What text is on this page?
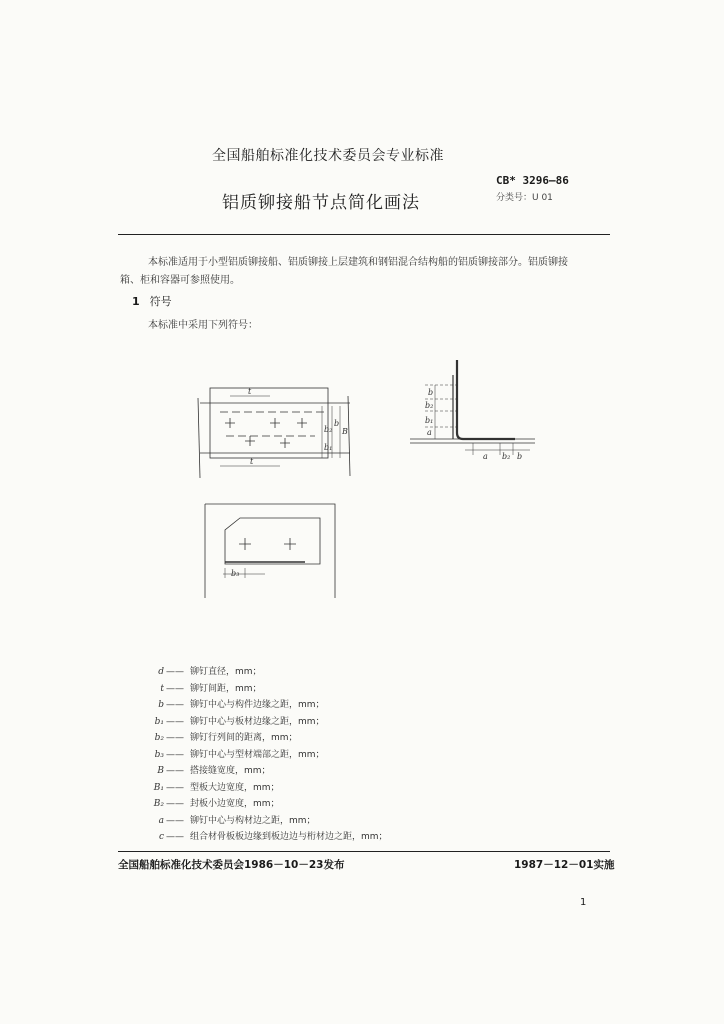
全国船舶标准化技术委员会专业标准
CB* 3296—86
分类号：U 01
铝质铆接船节点简化画法
本标准适用于小型铝质铆接船、铝质铆接上层建筑和钢铝混合结构船的铝质铆接部分。铝质铆接
箱、柜和容器可参照使用。
1 符号
本标准中采用下列符号：
t
t
b₂
b
B
b₁
b
b₂
b₁
a
a b₂ b
b₃
d —— 铆钉直径，mm；
t —— 铆钉间距，mm；
b —— 铆钉中心与构件边缘之距，mm；
b₁ —— 铆钉中心与板材边缘之距，mm；
b₂ —— 铆钉行列间的距离，mm；
b₃ —— 铆钉中心与型材端部之距，mm；
B —— 搭接缝宽度，mm；
B₁ —— 型板大边宽度，mm；
B₂ —— 封板小边宽度，mm；
a —— 铆钉中心与构材边之距，mm；
c —— 组合材骨板板边缘到板边边与桁材边之距，mm；
全国船舶标准化技术委员会1986－10－23发布	1987－12－01实施
1
